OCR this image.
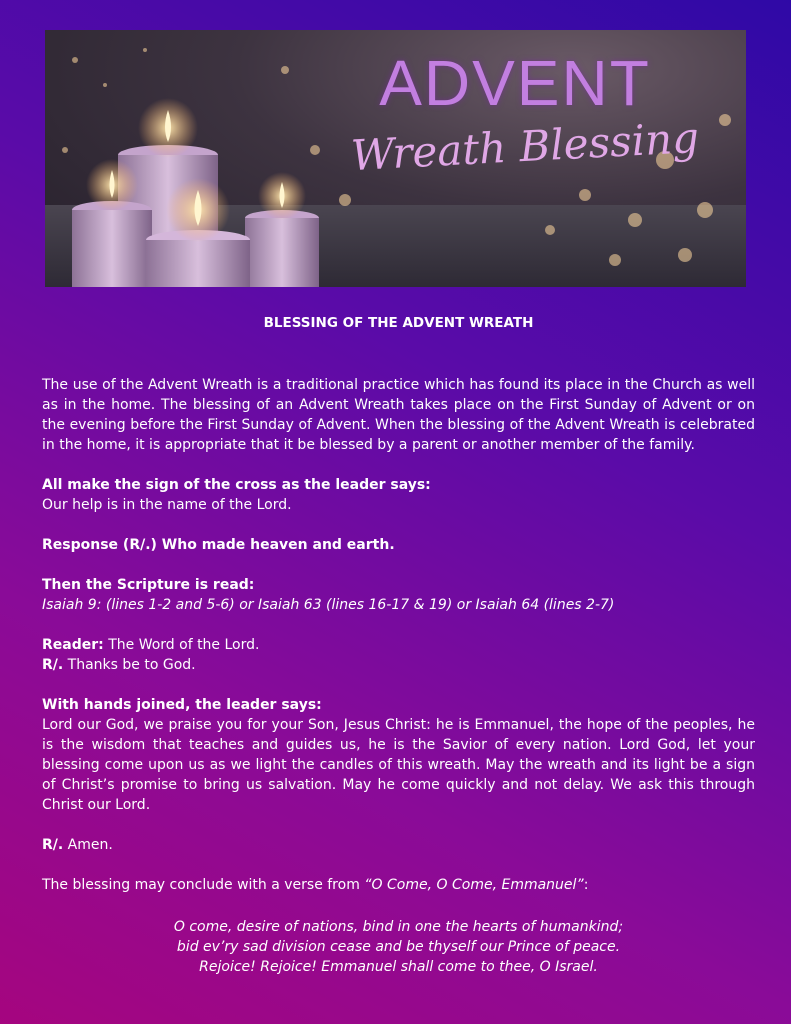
ADVENT
Wreath Blessing
BLESSING OF THE ADVENT WREATH

The use of the Advent Wreath is a traditional practice which has found its place in the Church as well as in the home. The blessing of an Advent Wreath takes place on the First Sunday of Advent or on the evening before the First Sunday of Advent. When the blessing of the Advent Wreath is celebrated in the home, it is appropriate that it be blessed by a parent or another member of the family.

All make the sign of the cross as the leader says:
Our help is in the name of the Lord.

Response (R/.) Who made heaven and earth.

Then the Scripture is read:
Isaiah 9: (lines 1-2 and 5-6) or Isaiah 63 (lines 16-17 & 19) or Isaiah 64 (lines 2-7)

Reader: The Word of the Lord.
R/. Thanks be to God.

With hands joined, the leader says:
Lord our God, we praise you for your Son, Jesus Christ: he is Emmanuel, the hope of the peoples, he is the wisdom that teaches and guides us, he is the Savior of every nation. Lord God, let your blessing come upon us as we light the candles of this wreath. May the wreath and its light be a sign of Christ’s promise to bring us salvation. May he come quickly and not delay. We ask this through Christ our Lord.

R/. Amen.

The blessing may conclude with a verse from “O Come, O Come, Emmanuel”:

O come, desire of nations, bind in one the hearts of humankind;
bid ev’ry sad division cease and be thyself our Prince of peace.
Rejoice! Rejoice! Emmanuel shall come to thee, O Israel.
